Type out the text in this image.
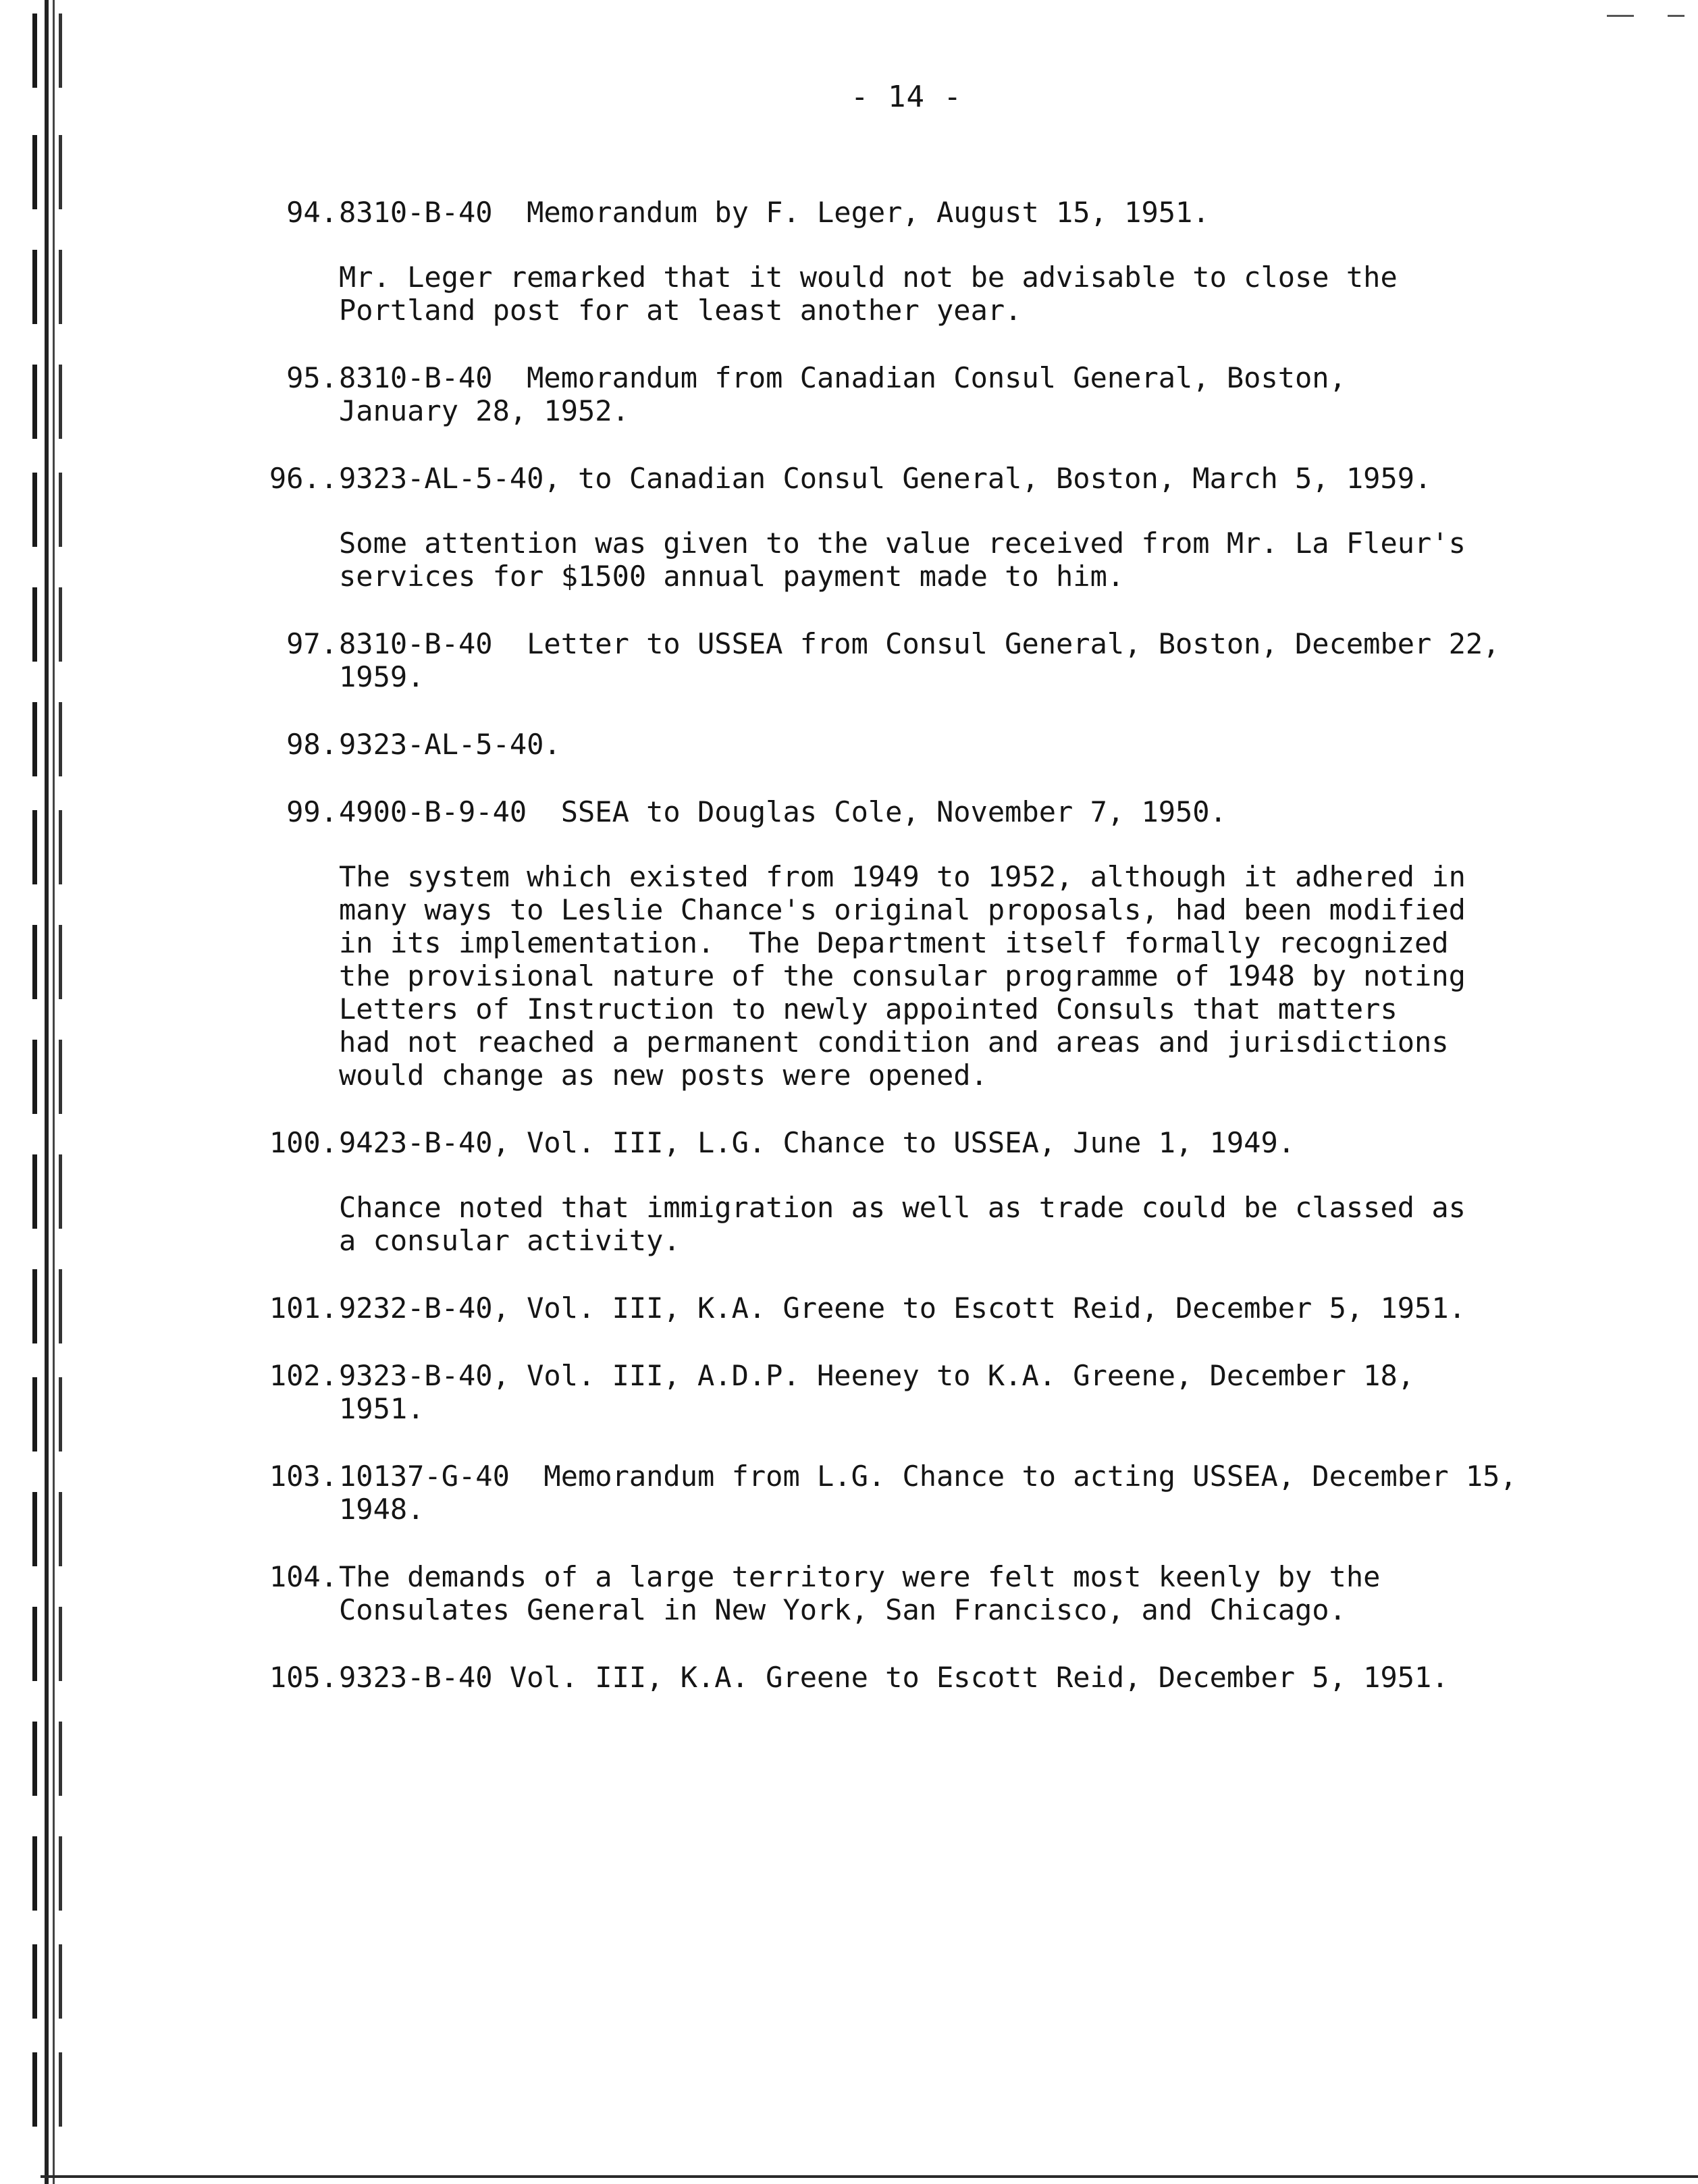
- 14 -
94. 8310-B-40  Memorandum by F. Leger, August 15, 1951.
Mr. Leger remarked that it would not be advisable to close the
Portland post for at least another year.
95. 8310-B-40  Memorandum from Canadian Consul General, Boston,
January 28, 1952.
96.. 9323-AL-5-40, to Canadian Consul General, Boston, March 5, 1959.
Some attention was given to the value received from Mr. La Fleur's
services for $1500 annual payment made to him.
97. 8310-B-40  Letter to USSEA from Consul General, Boston, December 22,
1959.
98. 9323-AL-5-40.
99. 4900-B-9-40  SSEA to Douglas Cole, November 7, 1950.
The system which existed from 1949 to 1952, although it adhered in
many ways to Leslie Chance's original proposals, had been modified
in its implementation.  The Department itself formally recognized
the provisional nature of the consular programme of 1948 by noting
Letters of Instruction to newly appointed Consuls that matters
had not reached a permanent condition and areas and jurisdictions
would change as new posts were opened.
100. 9423-B-40, Vol. III, L.G. Chance to USSEA, June 1, 1949.
Chance noted that immigration as well as trade could be classed as
a consular activity.
101. 9232-B-40, Vol. III, K.A. Greene to Escott Reid, December 5, 1951.
102. 9323-B-40, Vol. III, A.D.P. Heeney to K.A. Greene, December 18,
1951.
103. 10137-G-40  Memorandum from L.G. Chance to acting USSEA, December 15,
1948.
104. The demands of a large territory were felt most keenly by the
Consulates General in New York, San Francisco, and Chicago.
105. 9323-B-40 Vol. III, K.A. Greene to Escott Reid, December 5, 1951.
